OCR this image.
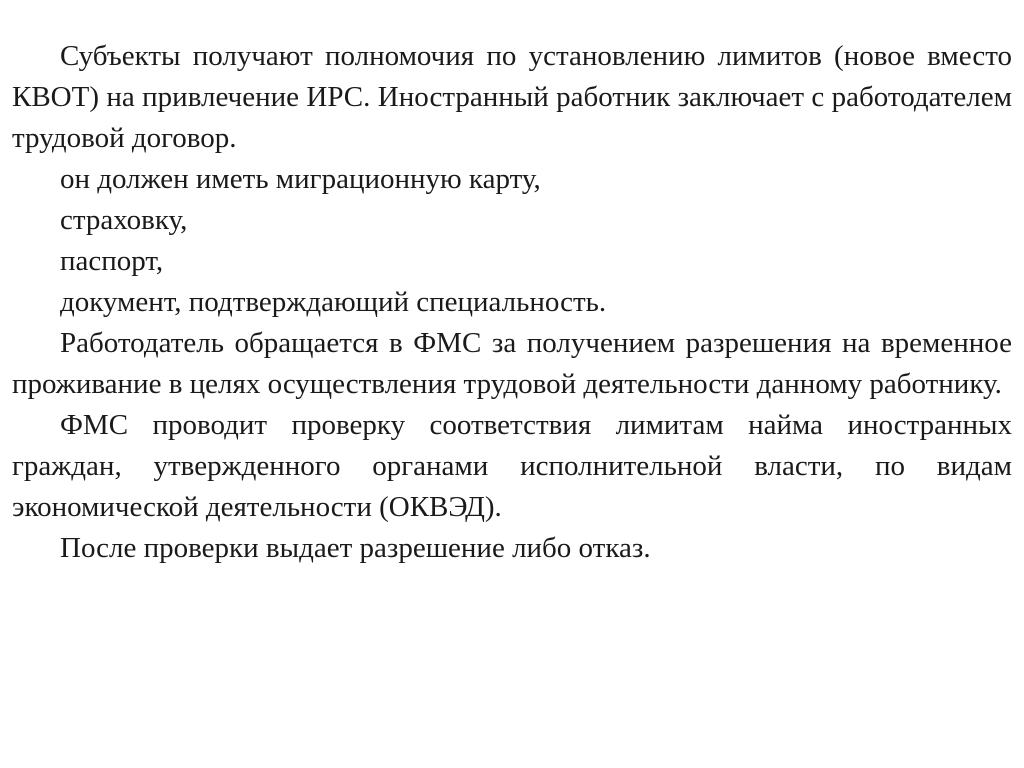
Субъекты получают полномочия по установлению лимитов (новое вместо КВОТ) на привлечение ИРС. Иностранный работник заключает с работодателем трудовой договор.

он должен иметь миграционную карту,

страховку,

паспорт,

документ, подтверждающий специальность.

Работодатель обращается в ФМС за получением разрешения на временное проживание в целях осуществления трудовой деятельности данному работнику.

ФМС проводит проверку соответствия лимитам найма иностранных граждан, утвержденного органами исполнительной власти, по видам экономической деятельности (ОКВЭД).

После проверки выдает разрешение либо отказ.
